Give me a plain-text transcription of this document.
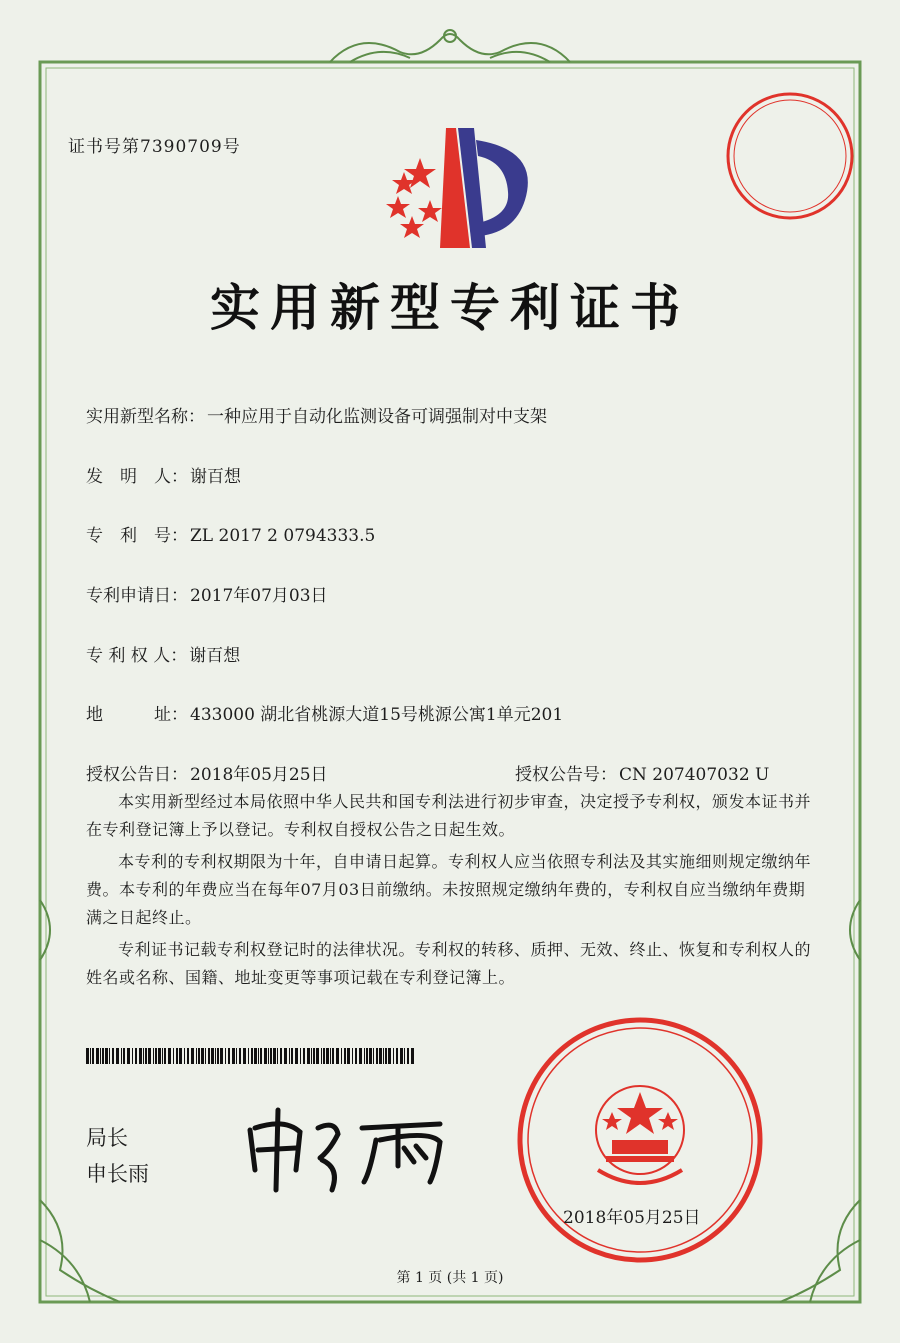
证书号第7390709号
实用新型专利证书
实用新型名称： 一种应用于自动化监测设备可调强制对中支架
发　明　人： 谢百想
专　利　号： ZL 2017 2 0794333.5
专利申请日： 2017年07月03日
专 利 权 人： 谢百想
地　　　址： 433000 湖北省桃源大道15号桃源公寓1单元201
授权公告日： 2018年05月25日	授权公告号： CN 207407032 U

本实用新型经过本局依照中华人民共和国专利法进行初步审查，决定授予专利权，颁发本证书并在专利登记簿上予以登记。专利权自授权公告之日起生效。

本专利的专利权期限为十年，自申请日起算。专利权人应当依照专利法及其实施细则规定缴纳年费。本专利的年费应当在每年07月03日前缴纳。未按照规定缴纳年费的，专利权自应当缴纳年费期满之日起终止。

专利证书记载专利权登记时的法律状况。专利权的转移、质押、无效、终止、恢复和专利权人的姓名或名称、国籍、地址变更等事项记载在专利登记簿上。

局长
申长雨
2018年05月25日
第 1 页 (共 1 页)
